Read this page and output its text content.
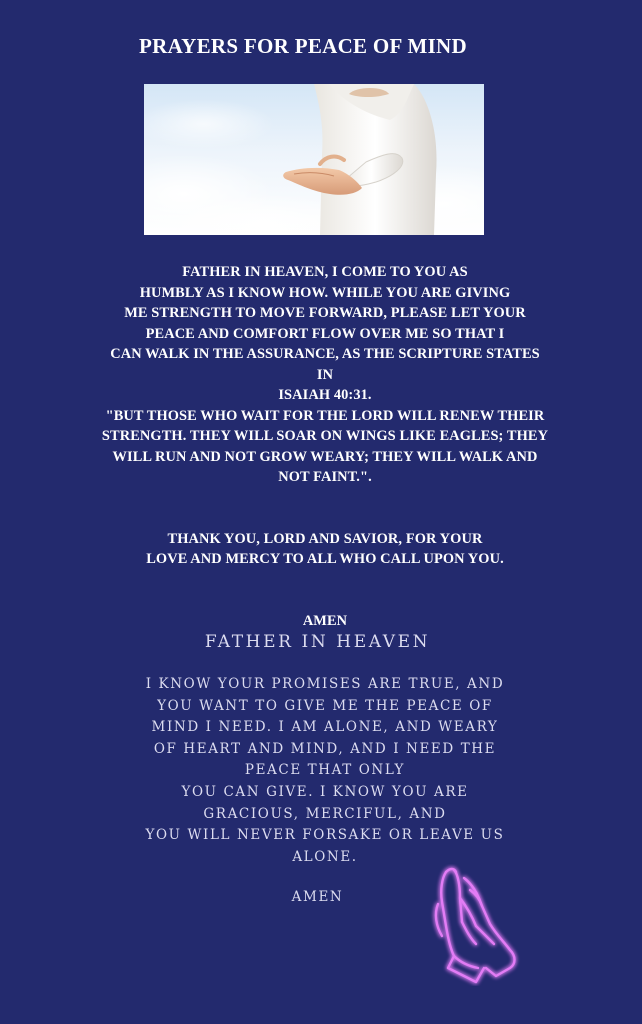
PRAYERS FOR PEACE OF MIND
FATHER IN HEAVEN, I COME TO YOU AS
HUMBLY AS I KNOW HOW. WHILE YOU ARE GIVING
ME STRENGTH TO MOVE FORWARD, PLEASE LET YOUR
PEACE AND COMFORT FLOW OVER ME SO THAT I
CAN WALK IN THE ASSURANCE, AS THE SCRIPTURE STATES
IN
ISAIAH 40:31.
"BUT THOSE WHO WAIT FOR THE LORD WILL RENEW THEIR
STRENGTH. THEY WILL SOAR ON WINGS LIKE EAGLES; THEY
WILL RUN AND NOT GROW WEARY; THEY WILL WALK AND
NOT FAINT.".
THANK YOU, LORD AND SAVIOR, FOR YOUR
LOVE AND MERCY TO ALL WHO CALL UPON YOU.
AMEN
FATHER IN HEAVEN
I KNOW YOUR PROMISES ARE TRUE, AND
YOU WANT TO GIVE ME THE PEACE OF
MIND I NEED. I AM ALONE, AND WEARY
OF HEART AND MIND, AND I NEED THE
PEACE THAT ONLY
YOU CAN GIVE. I KNOW YOU ARE
GRACIOUS, MERCIFUL, AND
YOU WILL NEVER FORSAKE OR LEAVE US
ALONE.
AMEN
